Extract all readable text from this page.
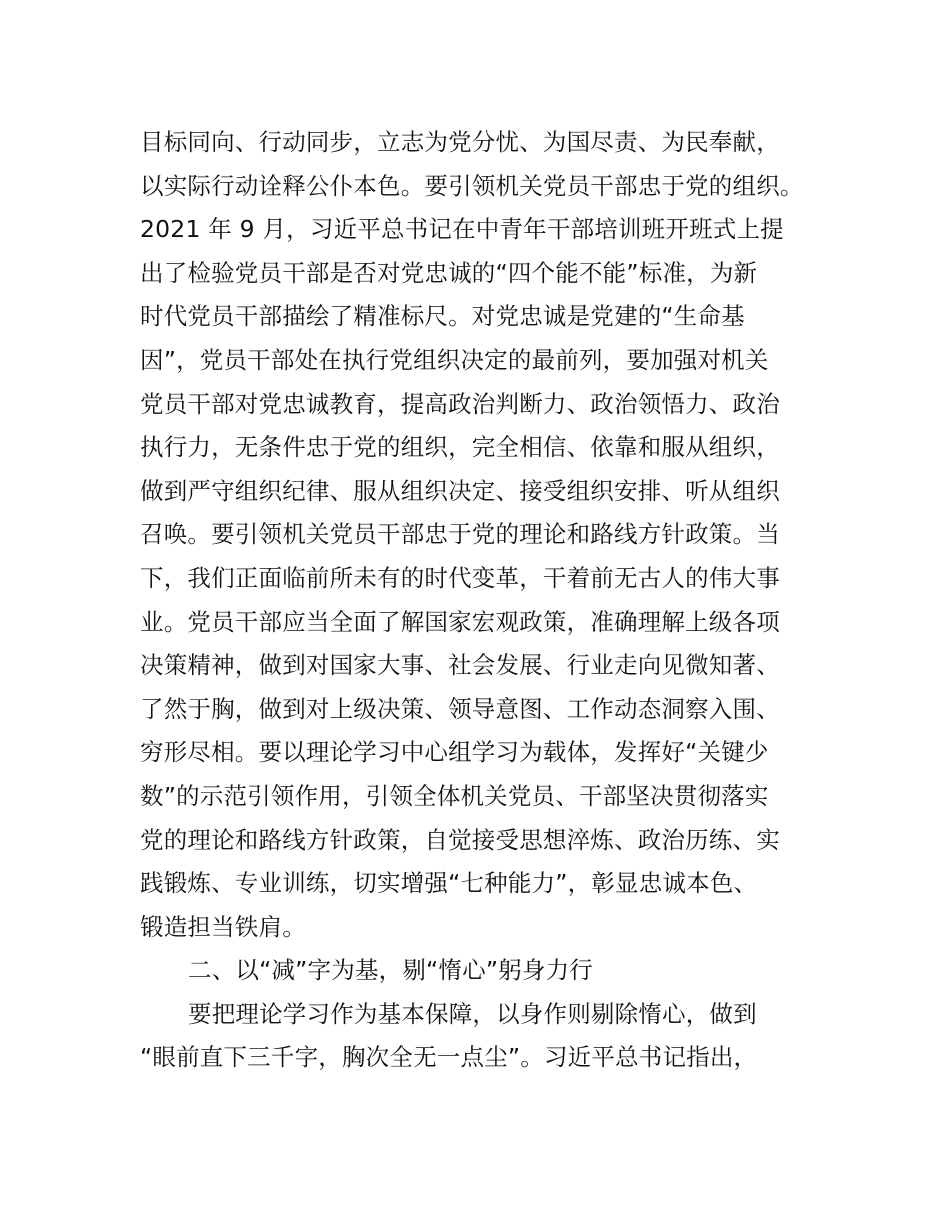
目标同向、行动同步，立志为党分忧、为国尽责、为民奉献，
以实际行动诠释公仆本色。要引领机关党员干部忠于党的组织。
2021 年 9 月，习近平总书记在中青年干部培训班开班式上提
出了检验党员干部是否对党忠诚的“四个能不能”标准，为新
时代党员干部描绘了精准标尺。对党忠诚是党建的“生命基
因”，党员干部处在执行党组织决定的最前列，要加强对机关
党员干部对党忠诚教育，提高政治判断力、政治领悟力、政治
执行力，无条件忠于党的组织，完全相信、依靠和服从组织，
做到严守组织纪律、服从组织决定、接受组织安排、听从组织
召唤。要引领机关党员干部忠于党的理论和路线方针政策。当
下，我们正面临前所未有的时代变革，干着前无古人的伟大事
业。党员干部应当全面了解国家宏观政策，准确理解上级各项
决策精神，做到对国家大事、社会发展、行业走向见微知著、
了然于胸，做到对上级决策、领导意图、工作动态洞察入围、
穷形尽相。要以理论学习中心组学习为载体，发挥好“关键少
数”的示范引领作用，引领全体机关党员、干部坚决贯彻落实
党的理论和路线方针政策，自觉接受思想淬炼、政治历练、实
践锻炼、专业训练，切实增强“七种能力”，彰显忠诚本色、
锻造担当铁肩。
二、以“减”字为基，剔“惰心”躬身力行
要把理论学习作为基本保障，以身作则剔除惰心，做到
“眼前直下三千字，胸次全无一点尘”。习近平总书记指出，
